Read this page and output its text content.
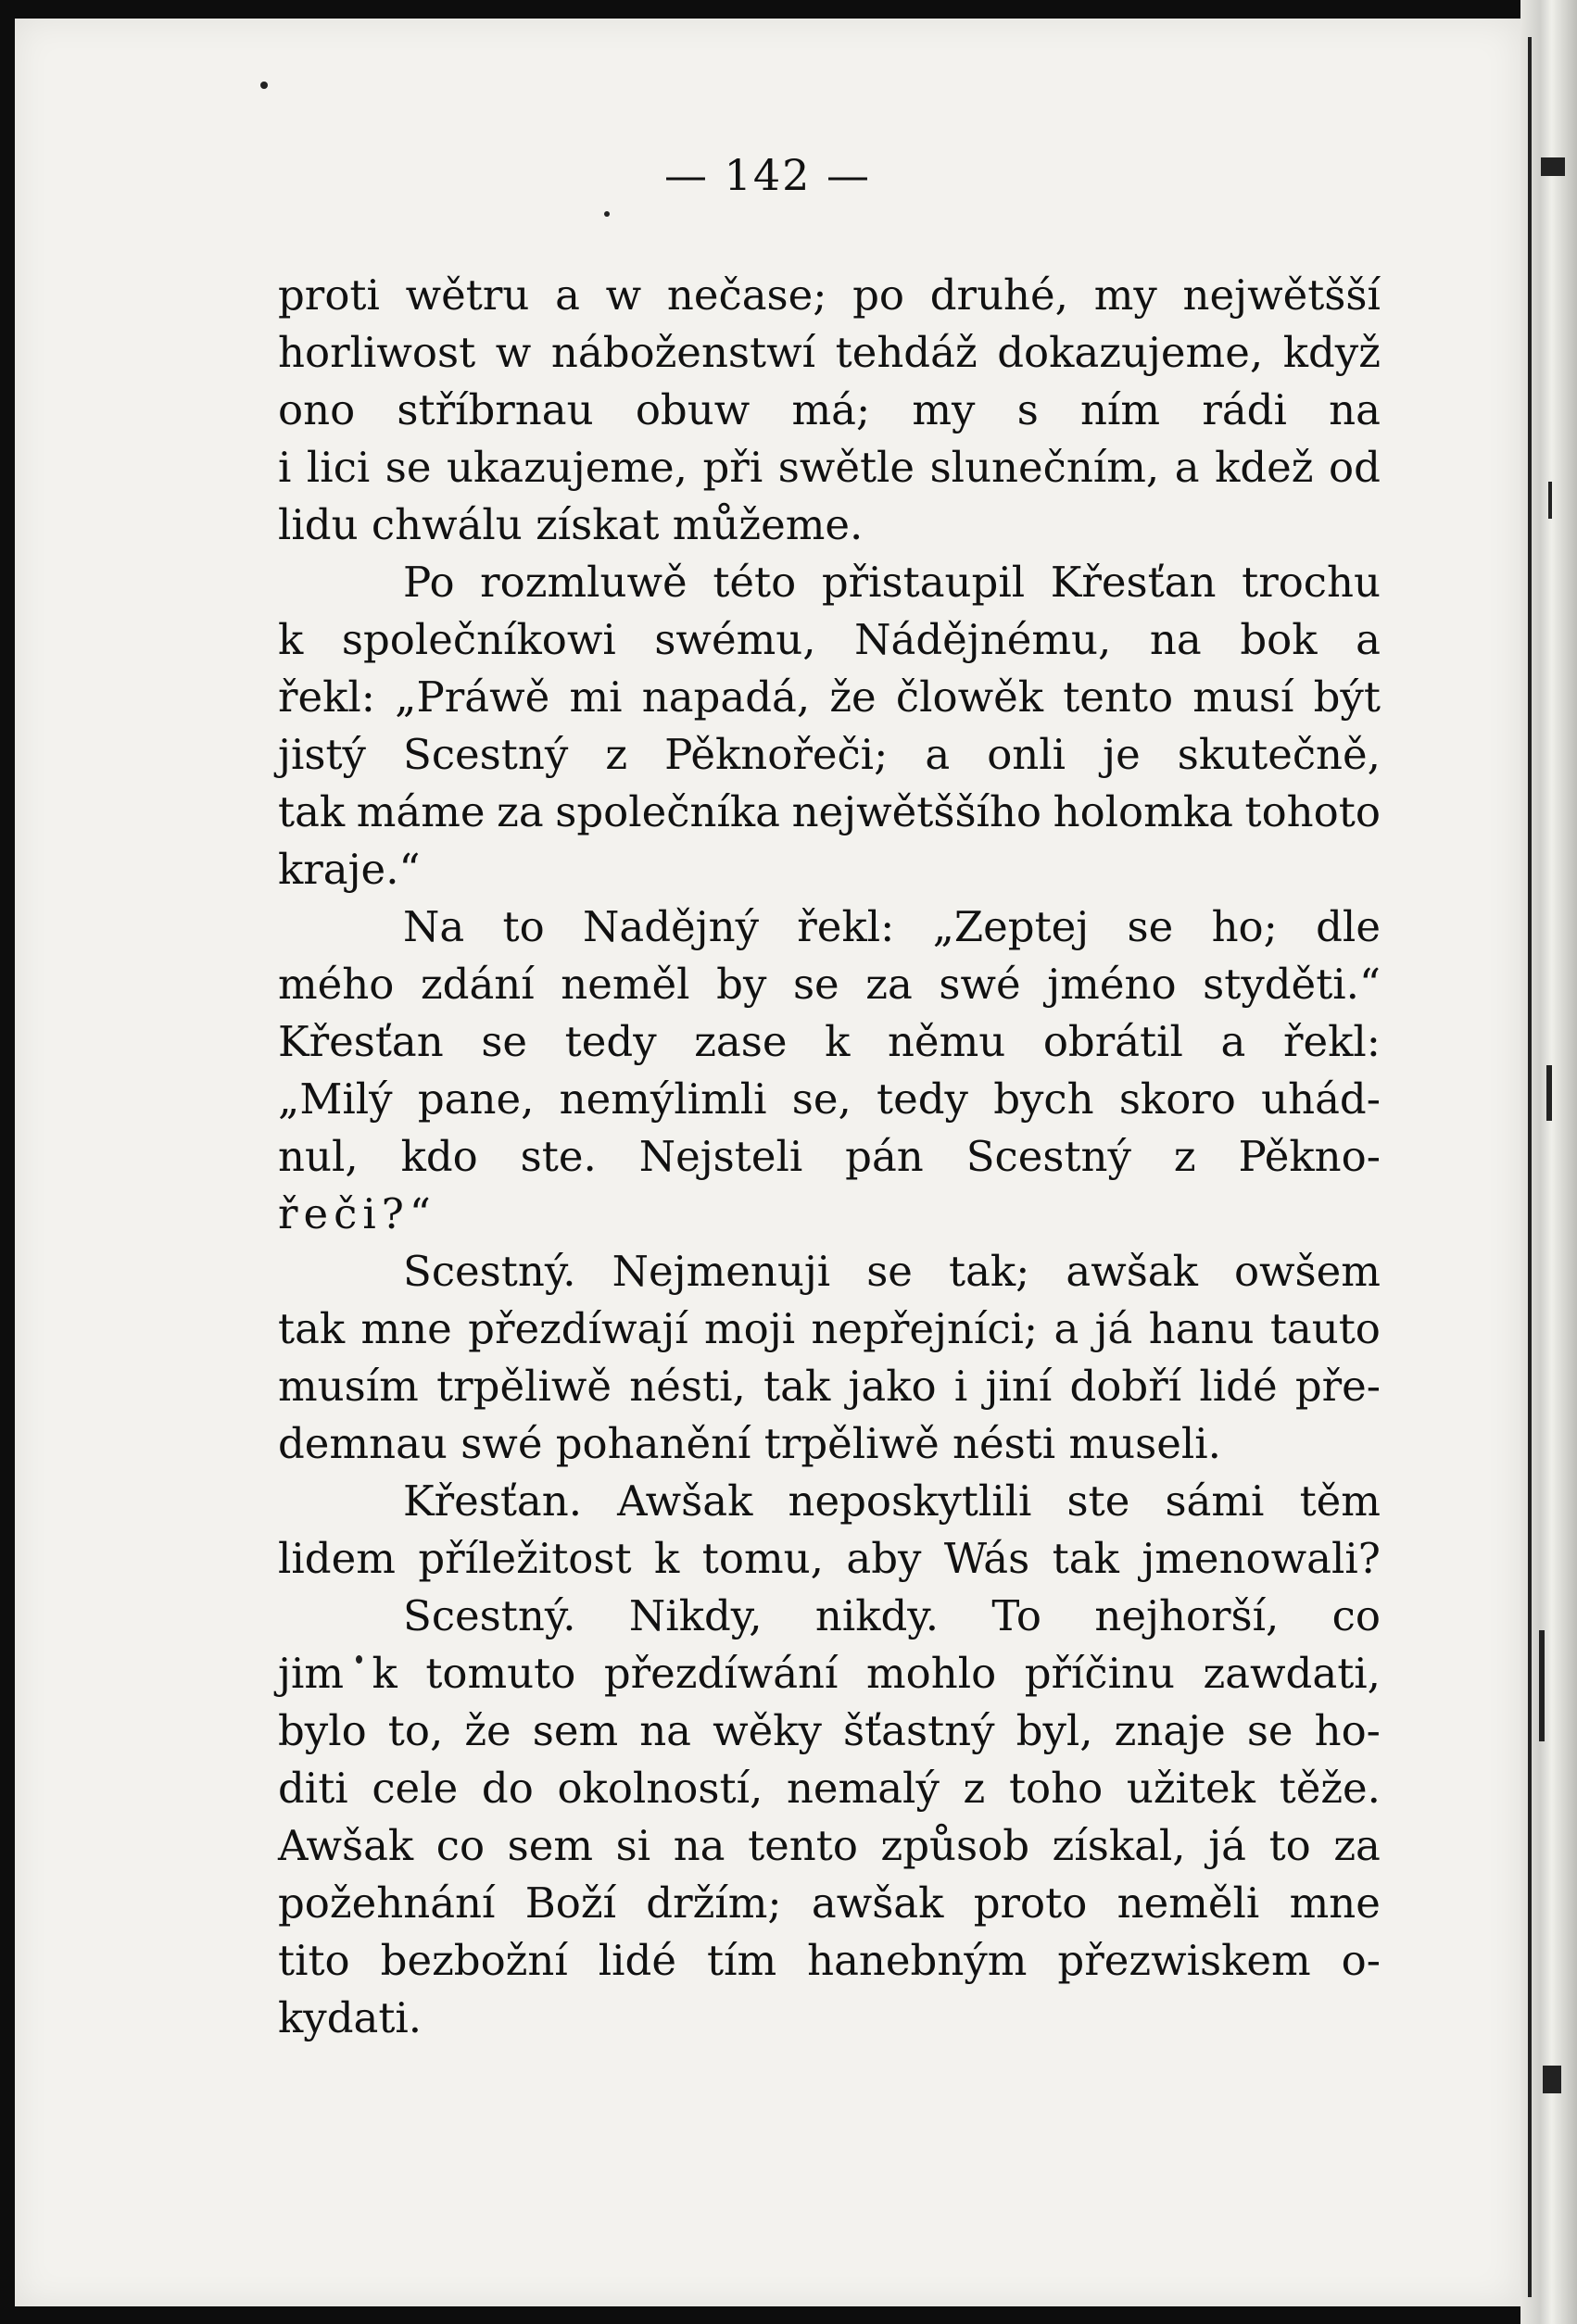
— 142 —
proti wětru a w nečase; po druhé, my nejwětšší
horliwost w náboženstwí tehdáž dokazujeme, když
ono stříbrnau obuw má; my s ním rádi na
i lici se ukazujeme, při swětle slunečním, a kdež od
lidu chwálu získat můžeme.
Po rozmluwě této přistaupil Křesťan trochu
k společníkowi swému, Nádějnému, na bok a
řekl: „Práwě mi napadá, že člowěk tento musí být
jistý Scestný z Pěknořeči; a onli je skutečně,
tak máme za společníka nejwětššího holomka tohoto
kraje.“
Na to Nadějný řekl: „Zeptej se ho; dle
mého zdání neměl by se za swé jméno styděti.“
Křesťan se tedy zase k němu obrátil a řekl:
„Milý pane, nemýlimli se, tedy bych skoro uhád-
nul, kdo ste. Nejsteli pán Scestný z Pěkno-
řeči?“
Scestný. Nejmenuji se tak; awšak owšem
tak mne přezdíwají moji nepřejníci; a já hanu tauto
musím trpěliwě nésti, tak jako i jiní dobří lidé pře-
demnau swé pohanění trpěliwě nésti museli.
Křesťan. Awšak neposkytlili ste sámi těm
lidem příležitost k tomu, aby Wás tak jmenowali?
Scestný. Nikdy, nikdy. To nejhorší, co
jim k tomuto přezdíwání mohlo příčinu zawdati,
bylo to, že sem na wěky šťastný byl, znaje se ho-
diti cele do okolností, nemalý z toho užitek těže.
Awšak co sem si na tento způsob získal, já to za
požehnání Boží držím; awšak proto neměli mne
tito bezbožní lidé tím hanebným přezwiskem o-
kydati.
